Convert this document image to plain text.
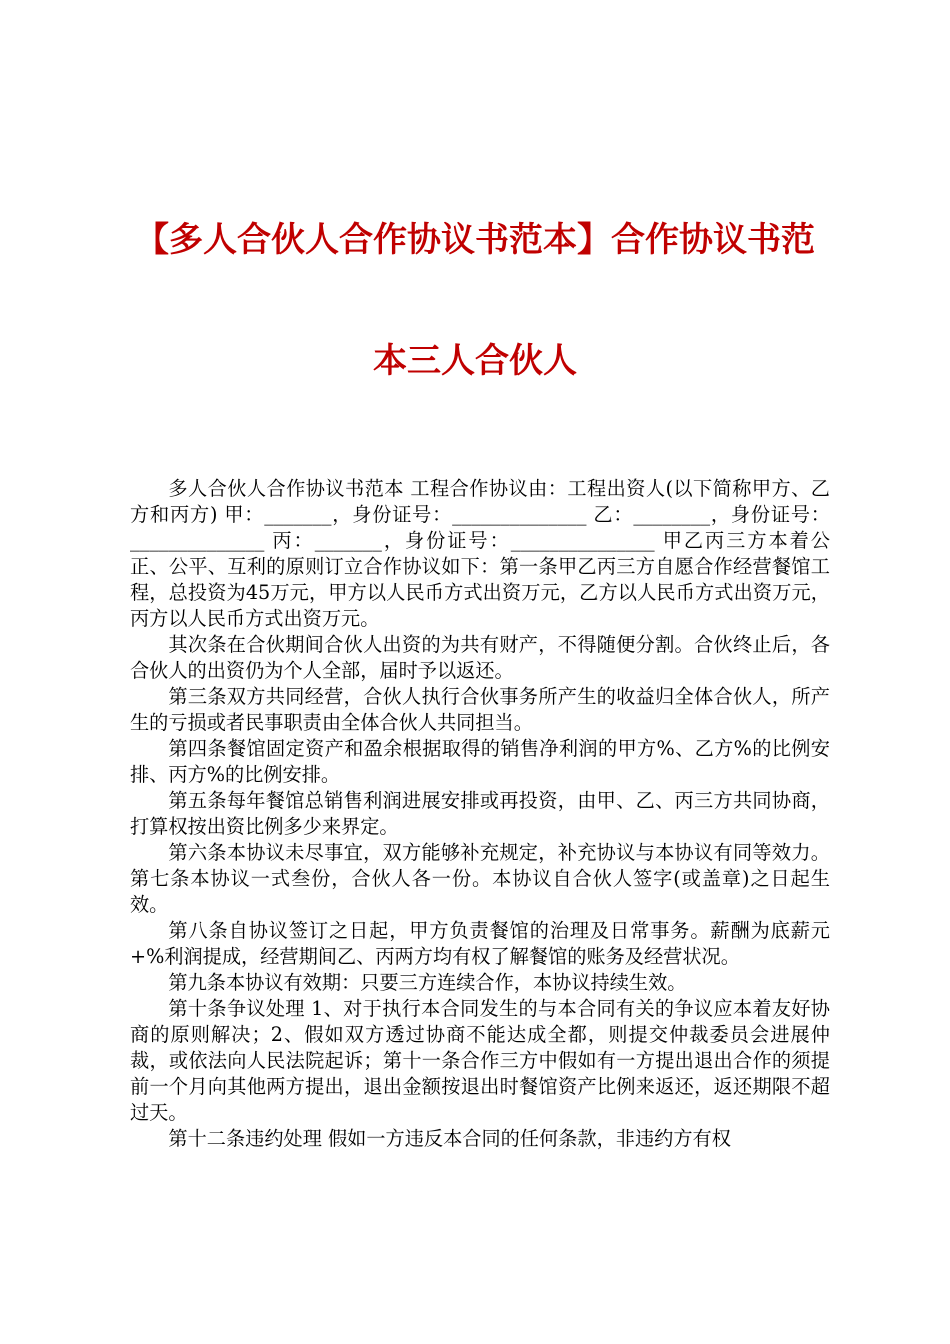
【多人合伙人合作协议书范本】合作协议书范
本三人合伙人

多人合伙人合作协议书范本 工程合作协议由：工程出资人(以下简称甲方、乙方和丙方) 甲：_______，身份证号：______________ 乙：________，身份证号：______________ 丙：_______，身份证号：_______________ 甲乙丙三方本着公正、公平、互利的原则订立合作协议如下：第一条甲乙丙三方自愿合作经营餐馆工程，总投资为45万元，甲方以人民币方式出资万元，乙方以人民币方式出资万元，丙方以人民币方式出资万元。

其次条在合伙期间合伙人出资的为共有财产，不得随便分割。合伙终止后，各合伙人的出资仍为个人全部，届时予以返还。

第三条双方共同经营，合伙人执行合伙事务所产生的收益归全体合伙人，所产生的亏损或者民事职责由全体合伙人共同担当。

第四条餐馆固定资产和盈余根据取得的销售净利润的甲方%、乙方%的比例安排、丙方%的比例安排。

第五条每年餐馆总销售利润进展安排或再投资，由甲、乙、丙三方共同协商，打算权按出资比例多少来界定。

第六条本协议未尽事宜，双方能够补充规定，补充协议与本协议有同等效力。第七条本协议一式叁份，合伙人各一份。本协议自合伙人签字(或盖章)之日起生效。

第八条自协议签订之日起，甲方负责餐馆的治理及日常事务。薪酬为底薪元+%利润提成，经营期间乙、丙两方均有权了解餐馆的账务及经营状况。

第九条本协议有效期：只要三方连续合作，本协议持续生效。

第十条争议处理 1、对于执行本合同发生的与本合同有关的争议应本着友好协商的原则解决；2、假如双方透过协商不能达成全都，则提交仲裁委员会进展仲裁，或依法向人民法院起诉；第十一条合作三方中假如有一方提出退出合作的须提前一个月向其他两方提出，退出金额按退出时餐馆资产比例来返还，返还期限不超过天。

第十二条违约处理 假如一方违反本合同的任何条款，非违约方有权
